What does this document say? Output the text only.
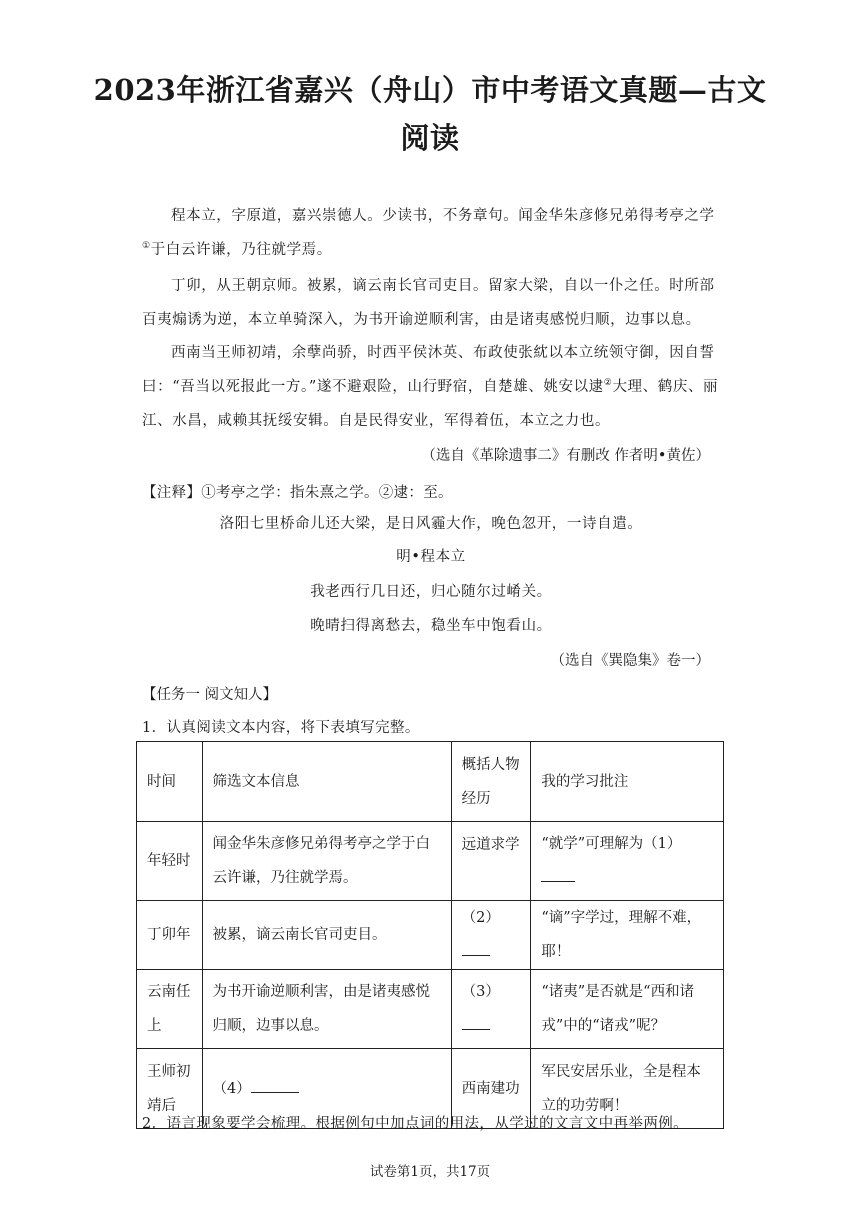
2023年浙江省嘉兴（舟山）市中考语文真题—古文
阅读
程本立，字原道，嘉兴崇德人。少读书，不务章句。闻金华朱彦修兄弟得考亭之学①于白云许谦，乃往就学焉。
丁卯，从王朝京师。被累，谪云南长官司吏目。留家大梁，自以一仆之任。时所部百夷煽诱为逆，本立单骑深入，为书开谕逆顺利害，由是诸夷感悦归顺，边事以息。
西南当王师初靖，余孽尚骄，时西平侯沐英、布政使张紞以本立统领守御，因自誓曰：“吾当以死报此一方。”遂不避艰险，山行野宿，自楚雄、姚安以逮②大理、鹤庆、丽江、水昌，咸赖其抚绥安辑。自是民得安业，军得着伍，本立之力也。
（选自《革除遗事二》有删改 作者明•黄佐）
【注释】①考亭之学：指朱熹之学。②逮：至。
洛阳七里桥命儿还大梁，是日风霾大作，晚色忽开，一诗自遣。
明•程本立
我老西行几日还，归心随尔过崤关。
晚晴扫得离愁去，稳坐车中饱看山。
（选自《巽隐集》卷一）
【任务一 阅文知人】
1．认真阅读文本内容，将下表填写完整。
时间	筛选文本信息	概括人物经历	我的学习批注
年轻时	闻金华朱彦修兄弟得考亭之学于白云许谦，乃往就学焉。	远道求学	“就学”可理解为（1）
丁卯年	被累，谪云南长官司吏目。	（2）	“谪”字学过，理解不难，耶！
云南任上	为书开谕逆顺利害，由是诸夷感悦归顺，边事以息。	（3）	“诸夷”是否就是“西和诸戎”中的“诸戎”呢？
王师初靖后	（4）	西南建功	军民安居乐业，全是程本立的功劳啊！
2．语言现象要学会梳理。根据例句中加点词的用法，从学过的文言文中再举两例。
试卷第1页，共17页
